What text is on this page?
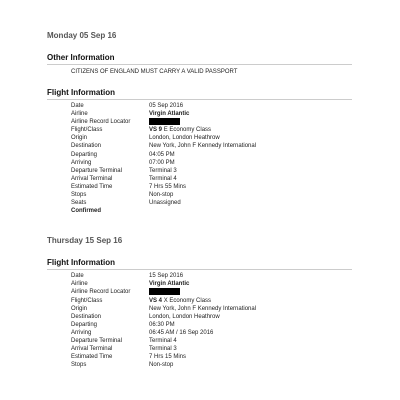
Monday 05 Sep 16
Other Information
CITIZENS OF ENGLAND MUST CARRY A VALID PASSPORT
Flight Information
Date	05 Sep 2016
Airline	Virgin Atlantic
Airline Record Locator
Flight/Class	VS 9 E Economy Class
Origin	London, London Heathrow
Destination	New York, John F Kennedy International
Departing	04:05 PM
Arriving	07:00 PM
Departure Terminal	Terminal 3
Arrival Terminal	Terminal 4
Estimated Time	7 Hrs 55 Mins
Stops	Non-stop
Seats	Unassigned
Confirmed
Thursday 15 Sep 16
Flight Information
Date	15 Sep 2016
Airline	Virgin Atlantic
Airline Record Locator
Flight/Class	VS 4 X Economy Class
Origin	New York, John F Kennedy International
Destination	London, London Heathrow
Departing	06:30 PM
Arriving	06:45 AM / 16 Sep 2016
Departure Terminal	Terminal 4
Arrival Terminal	Terminal 3
Estimated Time	7 Hrs 15 Mins
Stops	Non-stop
